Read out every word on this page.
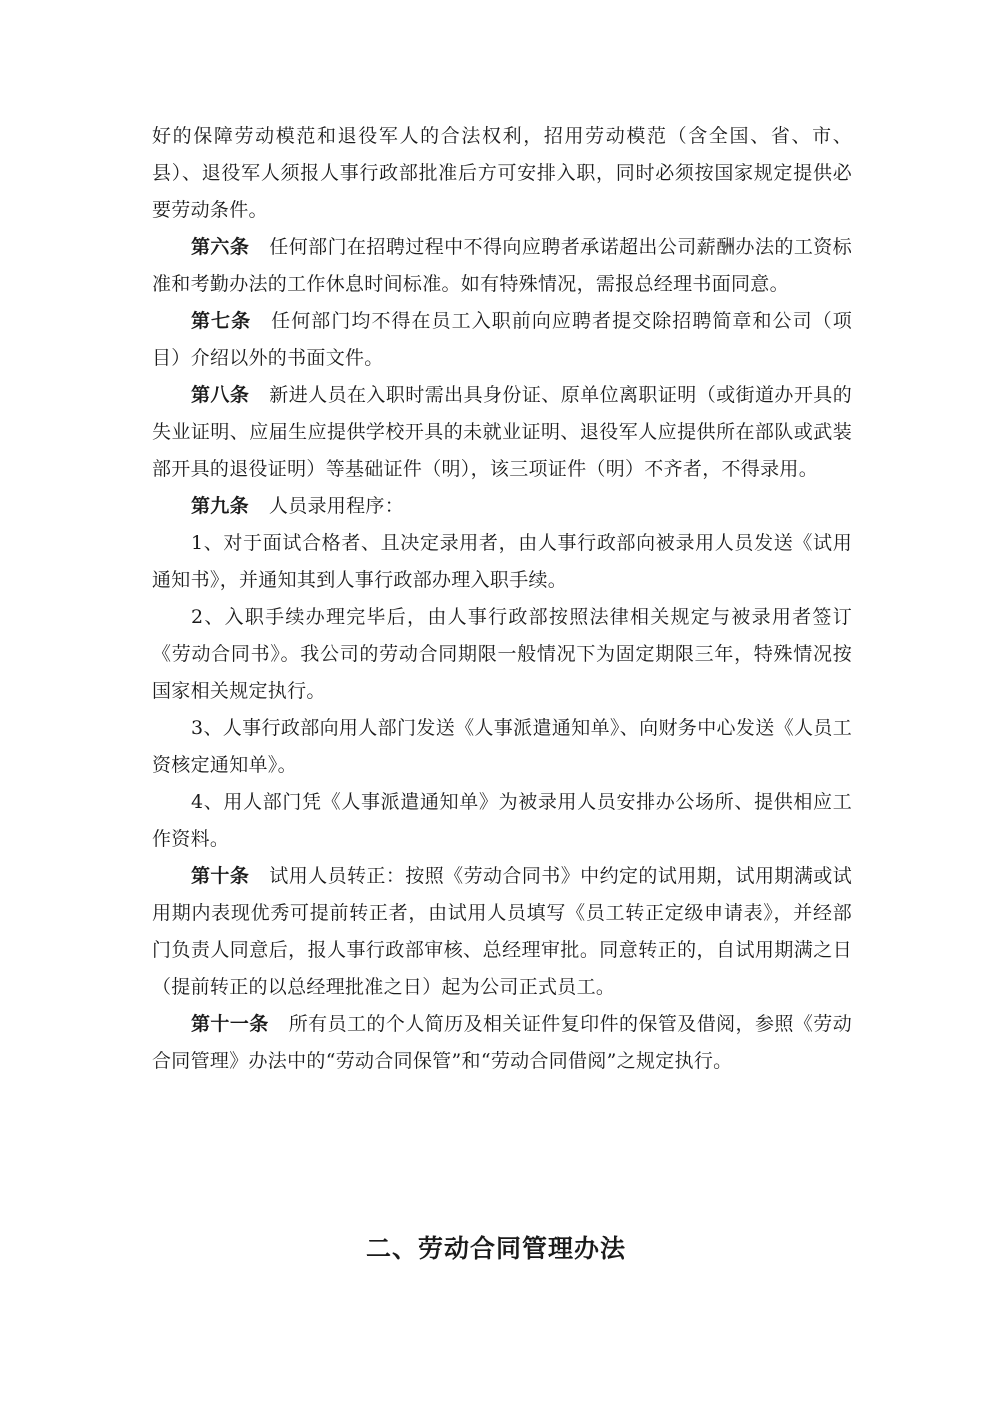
好的保障劳动模范和退役军人的合法权利，招用劳动模范（含全国、省、市、县）、退役军人须报人事行政部批准后方可安排入职，同时必须按国家规定提供必要劳动条件。

第六条 任何部门在招聘过程中不得向应聘者承诺超出公司薪酬办法的工资标准和考勤办法的工作休息时间标准。如有特殊情况，需报总经理书面同意。

第七条 任何部门均不得在员工入职前向应聘者提交除招聘简章和公司（项目）介绍以外的书面文件。

第八条 新进人员在入职时需出具身份证、原单位离职证明（或街道办开具的失业证明、应届生应提供学校开具的未就业证明、退役军人应提供所在部队或武装部开具的退役证明）等基础证件（明），该三项证件（明）不齐者，不得录用。

第九条 人员录用程序：

1、对于面试合格者、且决定录用者，由人事行政部向被录用人员发送《试用通知书》，并通知其到人事行政部办理入职手续。

2、入职手续办理完毕后，由人事行政部按照法律相关规定与被录用者签订《劳动合同书》。我公司的劳动合同期限一般情况下为固定期限三年，特殊情况按国家相关规定执行。

3、人事行政部向用人部门发送《人事派遣通知单》、向财务中心发送《人员工资核定通知单》。

4、用人部门凭《人事派遣通知单》为被录用人员安排办公场所、提供相应工作资料。

第十条 试用人员转正：按照《劳动合同书》中约定的试用期，试用期满或试用期内表现优秀可提前转正者，由试用人员填写《员工转正定级申请表》，并经部门负责人同意后，报人事行政部审核、总经理审批。同意转正的，自试用期满之日（提前转正的以总经理批准之日）起为公司正式员工。

第十一条 所有员工的个人简历及相关证件复印件的保管及借阅，参照《劳动合同管理》办法中的“劳动合同保管”和“劳动合同借阅”之规定执行。

二、劳动合同管理办法
